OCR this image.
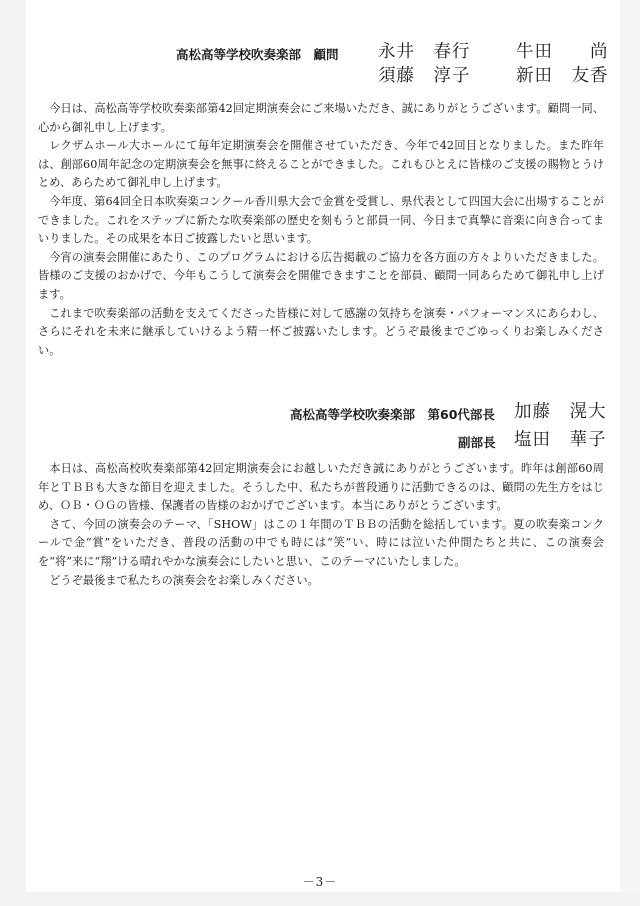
高松高等学校吹奏楽部　顧問 永井　春行	牛田　　尚
須藤　淳子	新田　友香

今日は、高松高等学校吹奏楽部第42回定期演奏会にご来場いただき、誠にありがとうございます。顧問一同、心から御礼申し上げます。

レクザムホール大ホールにて毎年定期演奏会を開催させていただき、今年で42回目となりました。また昨年は、創部60周年記念の定期演奏会を無事に終えることができました。これもひとえに皆様のご支援の賜物とうけとめ、あらためて御礼申し上げます。

今年度、第64回全日本吹奏楽コンクール香川県大会で金賞を受賞し、県代表として四国大会に出場することができました。これをステップに新たな吹奏楽部の歴史を刻もうと部員一同、今日まで真摯に音楽に向き合ってまいりました。その成果を本日ご披露したいと思います。

今宵の演奏会開催にあたり、このプログラムにおける広告掲載のご協力を各方面の方々よりいただきました。皆様のご支援のおかげで、今年もこうして演奏会を開催できますことを部員、顧問一同あらためて御礼申し上げます。

これまで吹奏楽部の活動を支えてくださった皆様に対して感謝の気持ちを演奏・パフォーマンスにあらわし、さらにそれを未来に継承していけるよう精一杯ご披露いたします。どうぞ最後までごゆっくりお楽しみください。

高松高等学校吹奏楽部　第60代部長 加藤　滉大
副部長 塩田　華子

本日は、高松高校吹奏楽部第42回定期演奏会にお越しいただき誠にありがとうございます。昨年は創部60周年とＴＢＢも大きな節目を迎えました。そうした中、私たちが普段通りに活動できるのは、顧問の先生方をはじめ、ＯＢ・ＯＧの皆様、保護者の皆様のおかげでございます。本当にありがとうございます。

さて、今回の演奏会のテーマ、「SHOW」はこの１年間のＴＢＢの活動を総括しています。夏の吹奏楽コンクールで金“賞”をいただき、普段の活動の中でも時には“笑”い、時には泣いた仲間たちと共に、この演奏会を“将”来に“翔”ける晴れやかな演奏会にしたいと思い、このテーマにいたしました。

どうぞ最後まで私たちの演奏会をお楽しみください。

－3－
